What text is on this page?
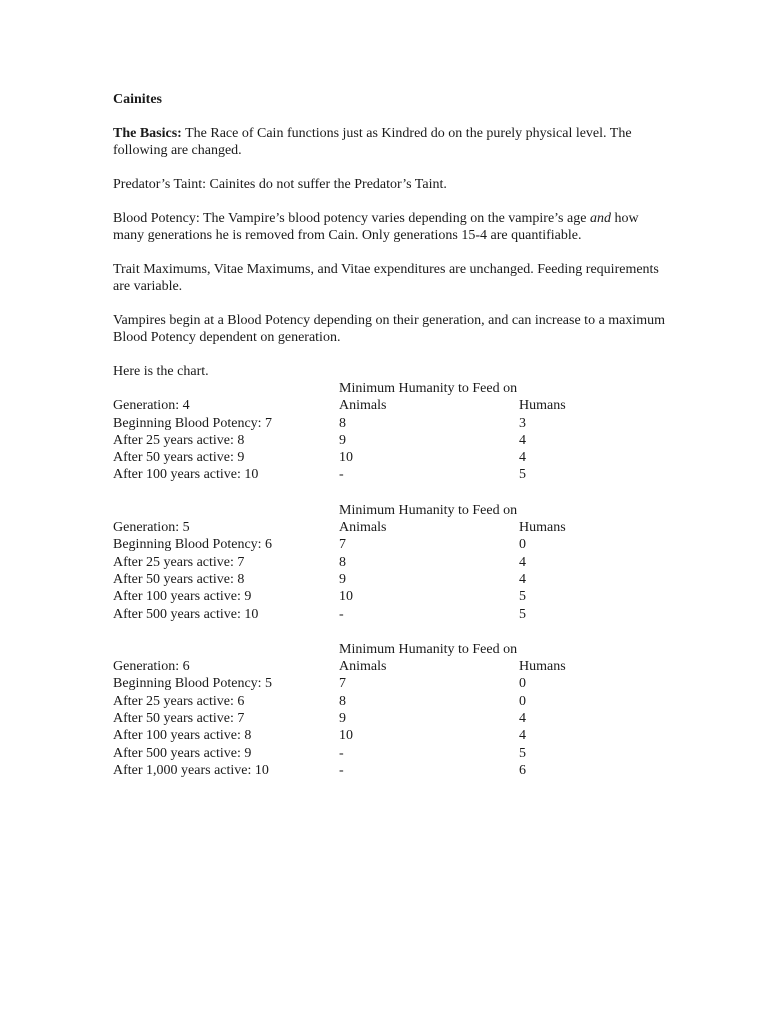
Cainites

The Basics: The Race of Cain functions just as Kindred do on the purely physical level. The following are changed.

Predator’s Taint: Cainites do not suffer the Predator’s Taint.

Blood Potency: The Vampire’s blood potency varies depending on the vampire’s age and how many generations he is removed from Cain. Only generations 15-4 are quantifiable.

Trait Maximums, Vitae Maximums, and Vitae expenditures are unchanged. Feeding requirements are variable.

Vampires begin at a Blood Potency depending on their generation, and can increase to a maximum Blood Potency dependent on generation.

Here is the chart.

Minimum Humanity to Feed on
Generation: 4	Animals	Humans
Beginning Blood Potency: 7	8	3
After 25 years active: 8	9	4
After 50 years active: 9	10	4
After 100 years active: 10	-	5
Minimum Humanity to Feed on
Generation: 5	Animals	Humans
Beginning Blood Potency: 6	7	0
After 25 years active: 7	8	4
After 50 years active: 8	9	4
After 100 years active: 9	10	5
After 500 years active: 10	-	5
Minimum Humanity to Feed on
Generation: 6	Animals	Humans
Beginning Blood Potency: 5	7	0
After 25 years active: 6	8	0
After 50 years active: 7	9	4
After 100 years active: 8	10	4
After 500 years active: 9	-	5
After 1,000 years active: 10	-	6
